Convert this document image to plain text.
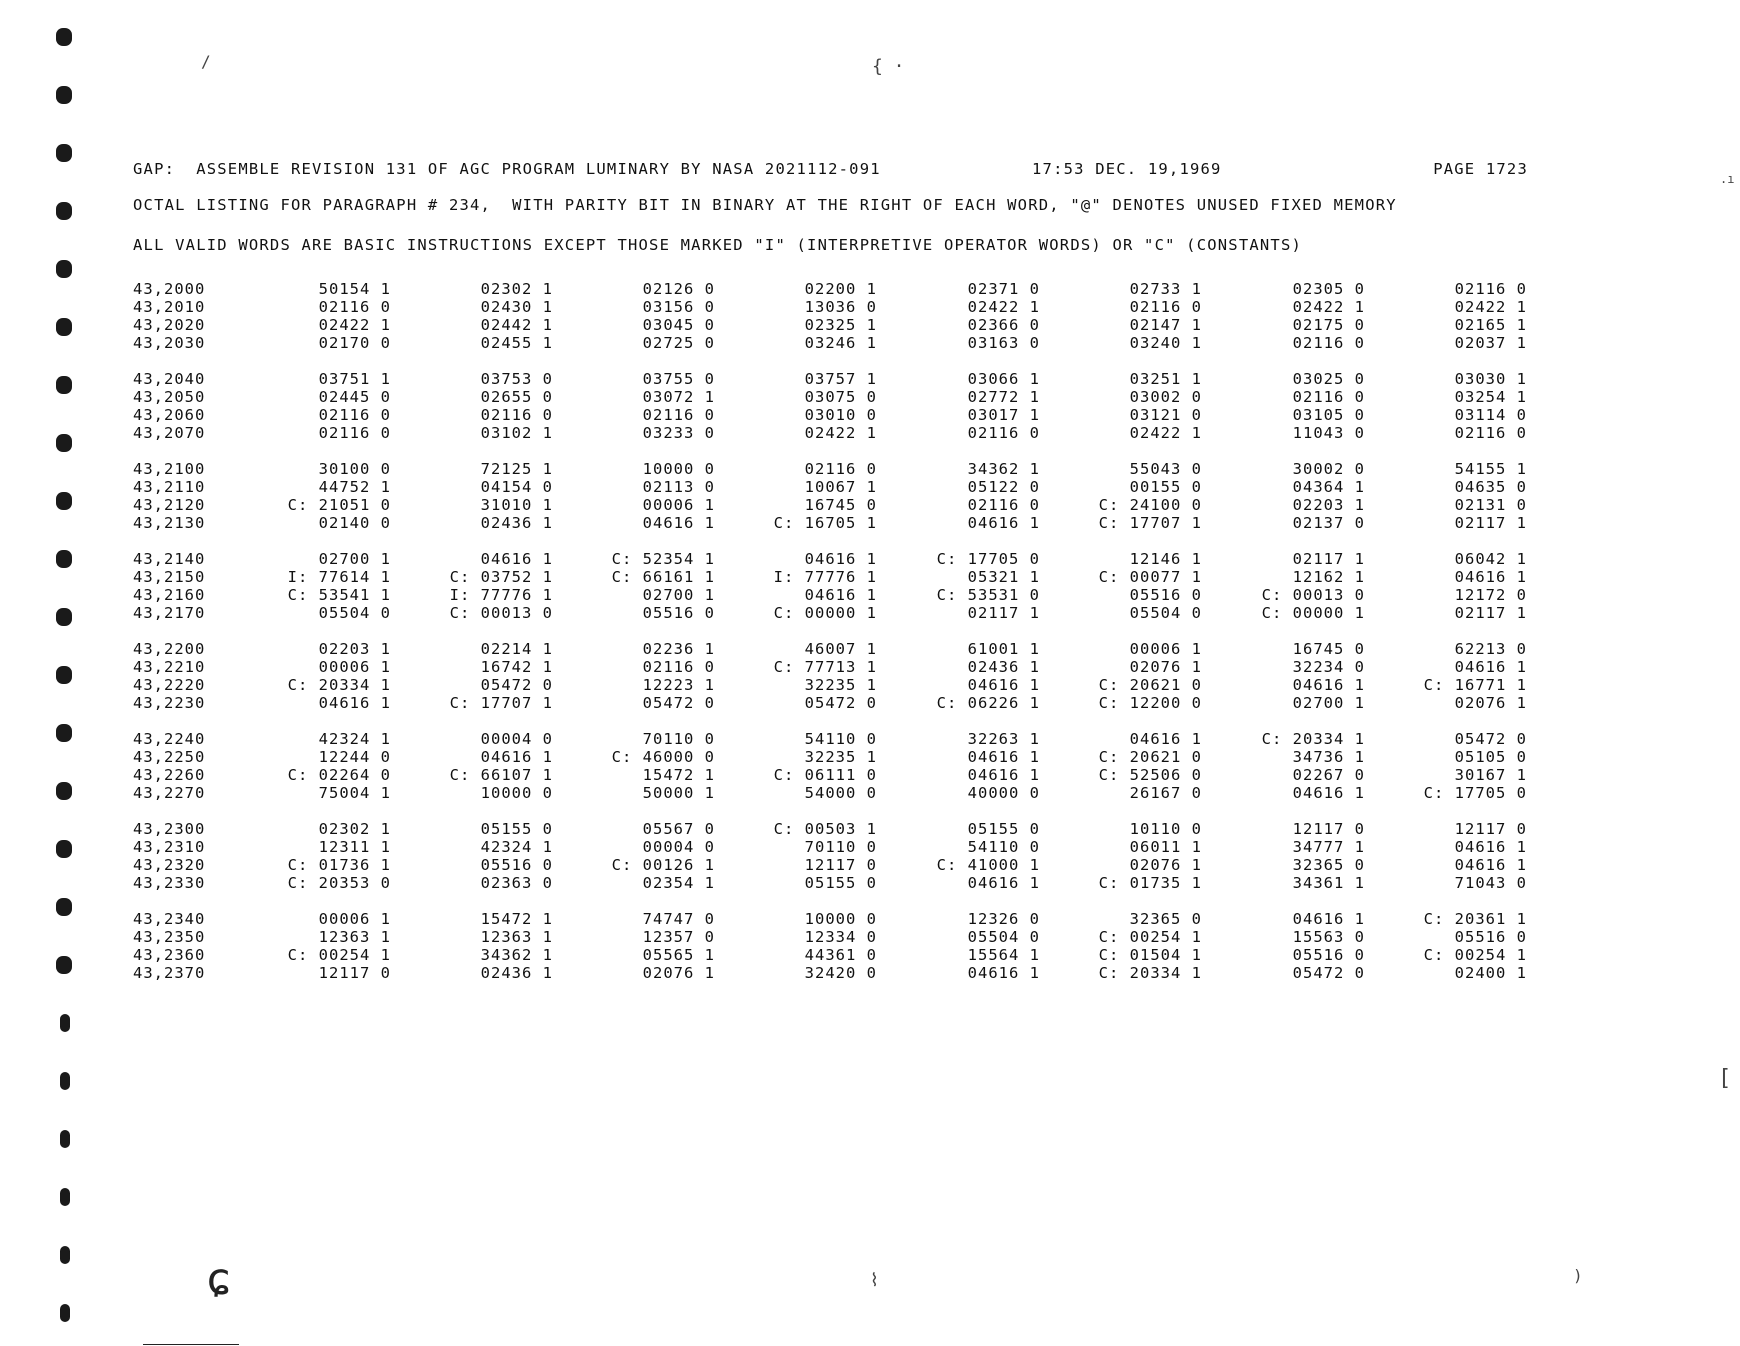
/	{ ·
.ı
[
⌇	)
ɕ
GAP:  ASSEMBLE REVISION 131 OF AGC PROGRAM LUMINARY BY NASA 2021112-091	17:53 DEC. 19,1969	PAGE 1723
OCTAL LISTING FOR PARAGRAPH # 234,  WITH PARITY BIT IN BINARY AT THE RIGHT OF EACH WORD, "@" DENOTES UNUSED FIXED MEMORY
ALL VALID WORDS ARE BASIC INSTRUCTIONS EXCEPT THOSE MARKED "I" (INTERPRETIVE OPERATOR WORDS) OR "C" (CONSTANTS)
43,2000	50154 1	02302 1	02126 0	02200 1	02371 0	02733 1	02305 0	02116 0
43,2010	02116 0	02430 1	03156 0	13036 0	02422 1	02116 0	02422 1	02422 1
43,2020	02422 1	02442 1	03045 0	02325 1	02366 0	02147 1	02175 0	02165 1
43,2030	02170 0	02455 1	02725 0	03246 1	03163 0	03240 1	02116 0	02037 1
43,2040	03751 1	03753 0	03755 0	03757 1	03066 1	03251 1	03025 0	03030 1
43,2050	02445 0	02655 0	03072 1	03075 0	02772 1	03002 0	02116 0	03254 1
43,2060	02116 0	02116 0	02116 0	03010 0	03017 1	03121 0	03105 0	03114 0
43,2070	02116 0	03102 1	03233 0	02422 1	02116 0	02422 1	11043 0	02116 0
43,2100	30100 0	72125 1	10000 0	02116 0	34362 1	55043 0	30002 0	54155 1
43,2110	44752 1	04154 0	02113 0	10067 1	05122 0	00155 0	04364 1	04635 0
43,2120	C: 21051 0	31010 1	00006 1	16745 0	02116 0	C: 24100 0	02203 1	02131 0
43,2130	02140 0	02436 1	04616 1	C: 16705 1	04616 1	C: 17707 1	02137 0	02117 1
43,2140	02700 1	04616 1	C: 52354 1	04616 1	C: 17705 0	12146 1	02117 1	06042 1
43,2150	I: 77614 1	C: 03752 1	C: 66161 1	I: 77776 1	05321 1	C: 00077 1	12162 1	04616 1
43,2160	C: 53541 1	I: 77776 1	02700 1	04616 1	C: 53531 0	05516 0	C: 00013 0	12172 0
43,2170	05504 0	C: 00013 0	05516 0	C: 00000 1	02117 1	05504 0	C: 00000 1	02117 1
43,2200	02203 1	02214 1	02236 1	46007 1	61001 1	00006 1	16745 0	62213 0
43,2210	00006 1	16742 1	02116 0	C: 77713 1	02436 1	02076 1	32234 0	04616 1
43,2220	C: 20334 1	05472 0	12223 1	32235 1	04616 1	C: 20621 0	04616 1	C: 16771 1
43,2230	04616 1	C: 17707 1	05472 0	05472 0	C: 06226 1	C: 12200 0	02700 1	02076 1
43,2240	42324 1	00004 0	70110 0	54110 0	32263 1	04616 1	C: 20334 1	05472 0
43,2250	12244 0	04616 1	C: 46000 0	32235 1	04616 1	C: 20621 0	34736 1	05105 0
43,2260	C: 02264 0	C: 66107 1	15472 1	C: 06111 0	04616 1	C: 52506 0	02267 0	30167 1
43,2270	75004 1	10000 0	50000 1	54000 0	40000 0	26167 0	04616 1	C: 17705 0
43,2300	02302 1	05155 0	05567 0	C: 00503 1	05155 0	10110 0	12117 0	12117 0
43,2310	12311 1	42324 1	00004 0	70110 0	54110 0	06011 1	34777 1	04616 1
43,2320	C: 01736 1	05516 0	C: 00126 1	12117 0	C: 41000 1	02076 1	32365 0	04616 1
43,2330	C: 20353 0	02363 0	02354 1	05155 0	04616 1	C: 01735 1	34361 1	71043 0
43,2340	00006 1	15472 1	74747 0	10000 0	12326 0	32365 0	04616 1	C: 20361 1
43,2350	12363 1	12363 1	12357 0	12334 0	05504 0	C: 00254 1	15563 0	05516 0
43,2360	C: 00254 1	34362 1	05565 1	44361 0	15564 1	C: 01504 1	05516 0	C: 00254 1
43,2370	12117 0	02436 1	02076 1	32420 0	04616 1	C: 20334 1	05472 0	02400 1
